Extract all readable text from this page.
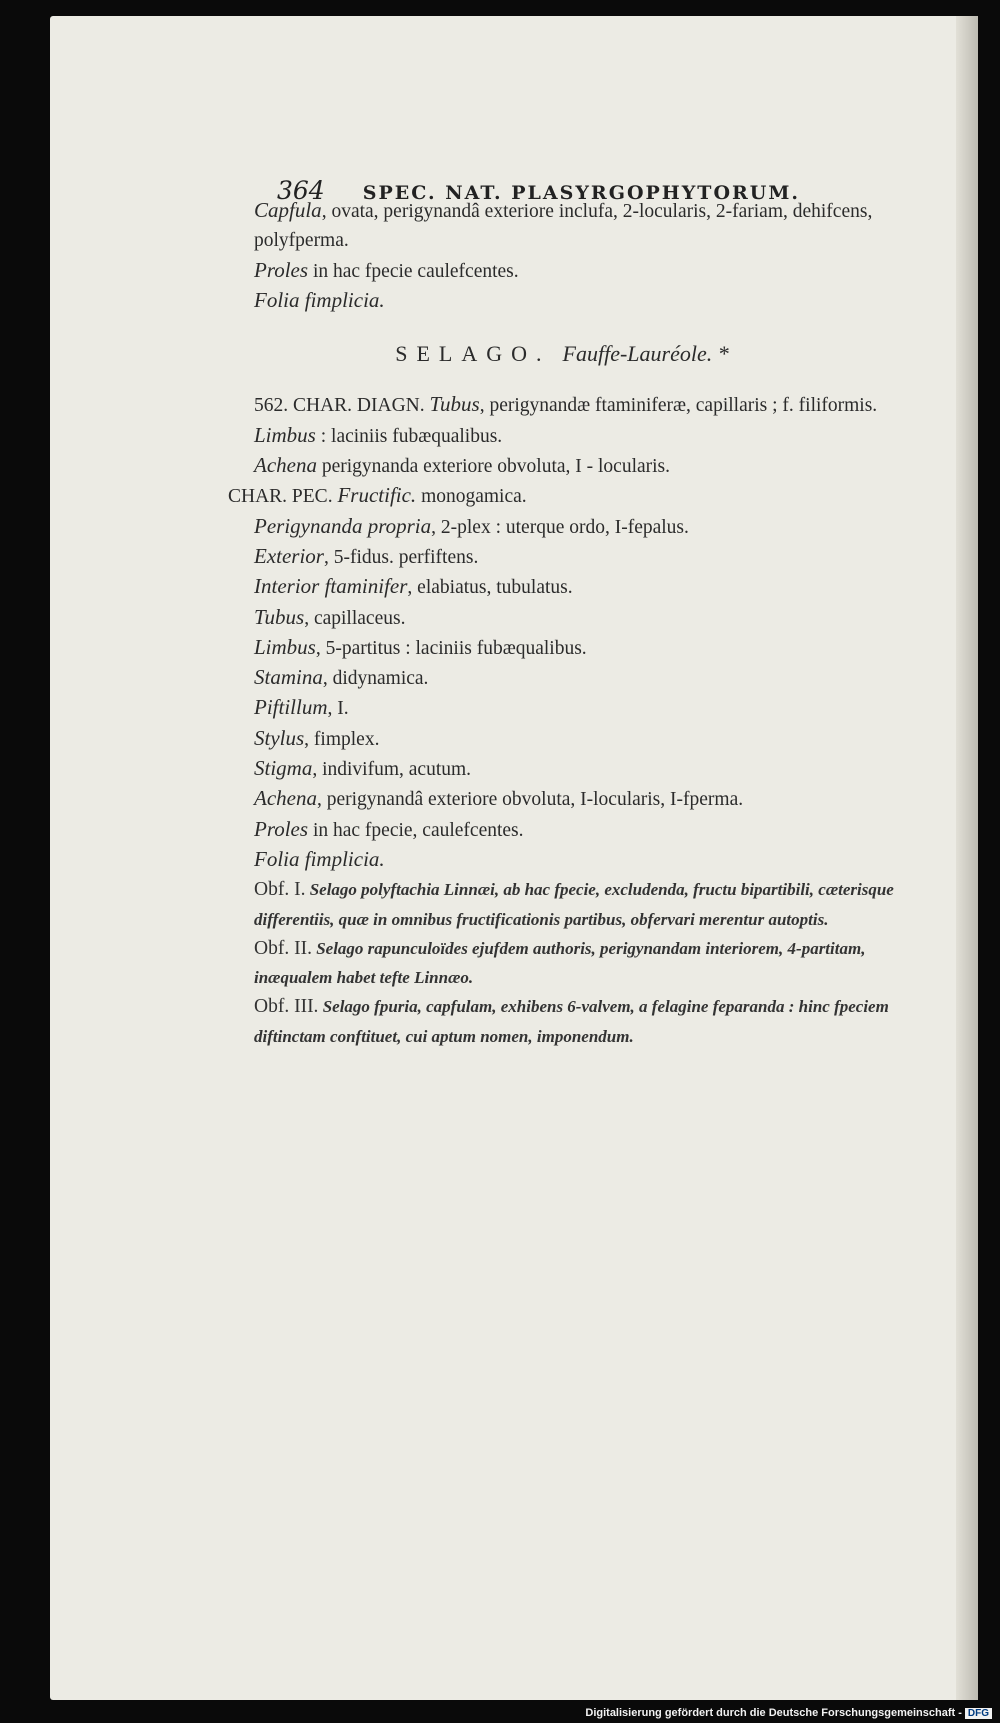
364 SPEC. NAT. PLASYRGOPHYTORUM.

Capfula, ovata, perigynandâ exteriore inclufa, 2-locularis, 2-fariam, dehifcens, polyfperma.

Proles in hac fpecie caulefcentes.

Folia fimplicia.

SELAGO. Fauffe-Lauréole. *

562. CHAR. DIAGN. Tubus, perigynandæ ftaminiferæ, capillaris ; f. filiformis.

Limbus : laciniis fubæqualibus.

Achena perigynanda exteriore obvoluta, I - locularis.

CHAR. PEC. Fructific. monogamica.

Perigynanda propria, 2-plex : uterque ordo, I-fepalus.

Exterior, 5-fidus. perfiftens.

Interior ftaminifer, elabiatus, tubulatus.

Tubus, capillaceus.

Limbus, 5-partitus : laciniis fubæqualibus.

Stamina, didynamica.

Piftillum, I.

Stylus, fimplex.

Stigma, indivifum, acutum.

Achena, perigynandâ exteriore obvoluta, I-locularis, I-fperma.

Proles in hac fpecie, caulefcentes.

Folia fimplicia.

Obf. I. Selago polyftachia Linnæi, ab hac fpecie, excludenda, fructu bipartibili, cæterisque differentiis, quæ in omnibus fructificationis partibus, obfervari merentur autoptis.

Obf. II. Selago rapunculoïdes ejufdem authoris, perigynandam interiorem, 4-partitam, inæqualem habet tefte Linnæo.

Obf. III. Selago fpuria, capfulam, exhibens 6-valvem, a felagine feparanda : hinc fpeciem diftinctam conftituet, cui aptum nomen, imponendum.

Digitalisierung gefördert durch die Deutsche Forschungsgemeinschaft - DFG
